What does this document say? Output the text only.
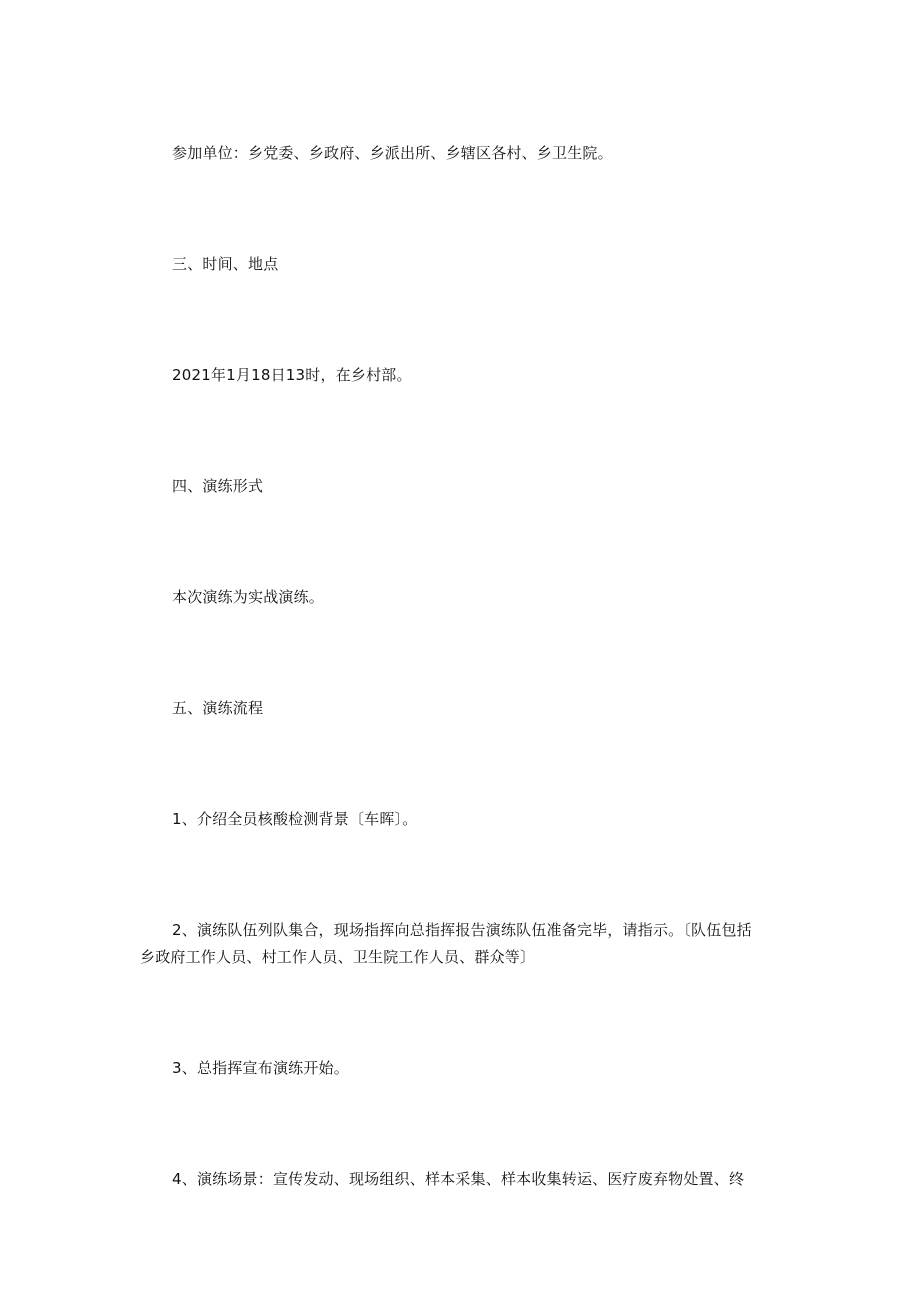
参加单位：乡党委、乡政府、乡派出所、乡辖区各村、乡卫生院。
三、时间、地点
2021年1月18日13时，在乡村部。
四、演练形式
本次演练为实战演练。
五、演练流程
1、介绍全员核酸检测背景〔车晖〕。
2、演练队伍列队集合，现场指挥向总指挥报告演练队伍准备完毕，请指示。〔队伍包括
乡政府工作人员、村工作人员、卫生院工作人员、群众等〕
3、总指挥宣布演练开始。
4、演练场景：宣传发动、现场组织、样本采集、样本收集转运、医疗废弃物处置、终
